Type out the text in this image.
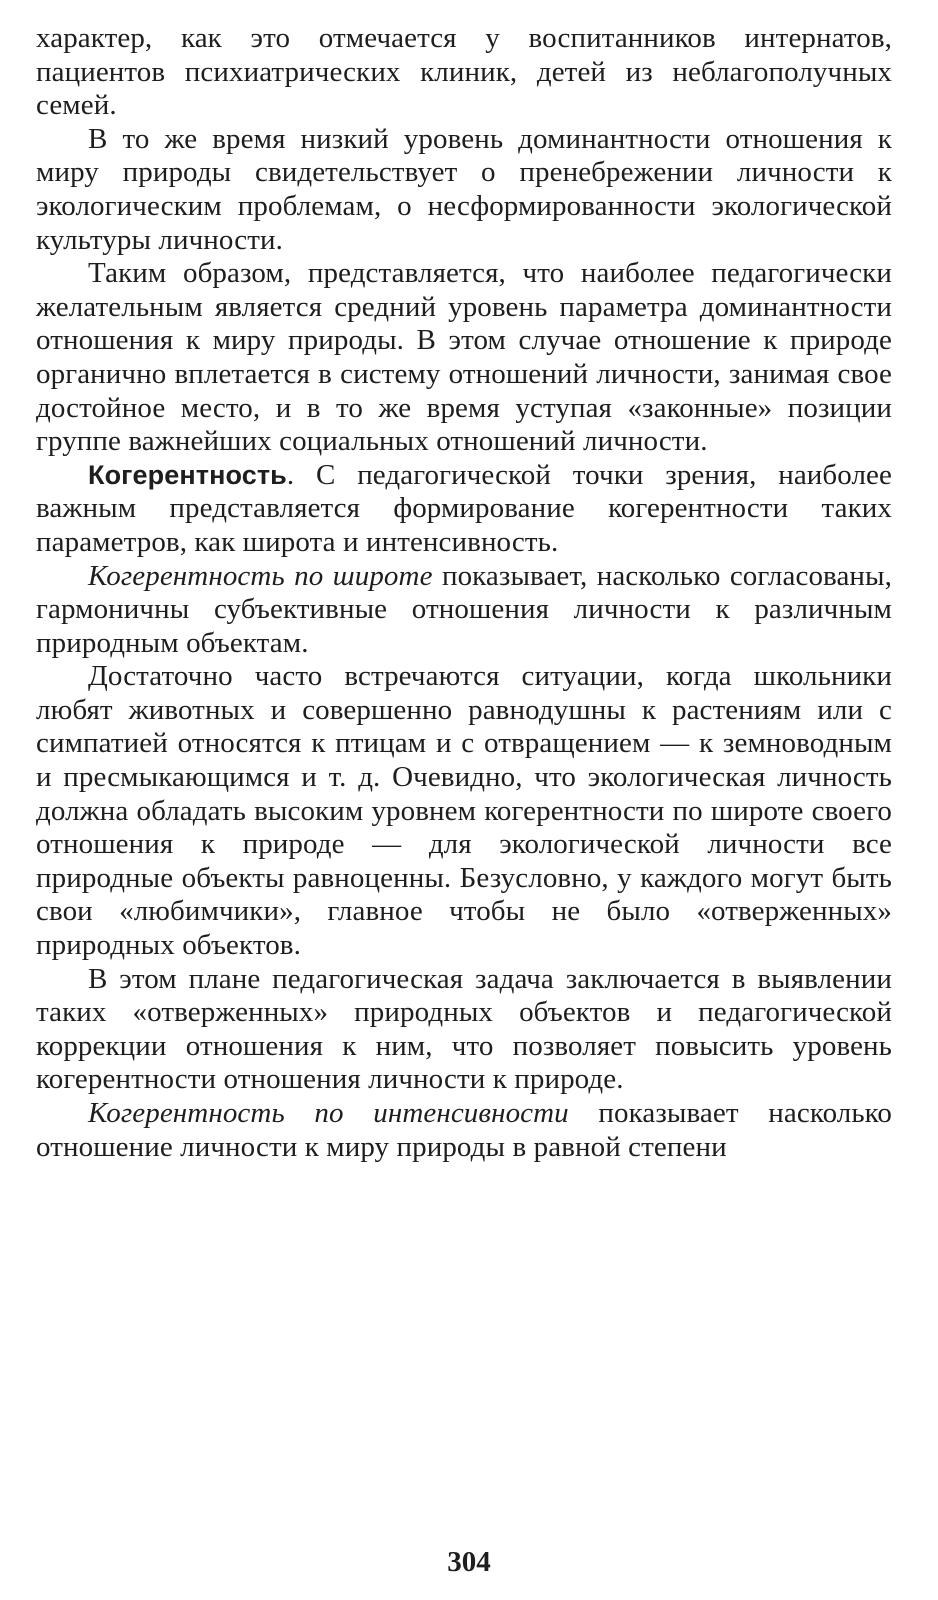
характер, как это отмечается у воспитанников интернатов, пациентов психиатрических клиник, детей из неблагополучных семей.

В то же время низкий уровень доминантности отношения к миру природы свидетельствует о пренебрежении личности к экологическим проблемам, о несформированности экологической культуры личности.

Таким образом, представляется, что наиболее педагогически желательным является средний уровень параметра доминантности отношения к миру природы. В этом случае отношение к природе органично вплетается в систему отношений личности, занимая свое достойное место, и в то же время уступая «законные» позиции группе важнейших социальных отношений личности.

Когерентность. С педагогической точки зрения, наиболее важным представляется формирование когерентности таких параметров, как широта и интенсивность.

Когерентность по широте показывает, насколько согласованы, гармоничны субъективные отношения личности к различным природным объектам.

Достаточно часто встречаются ситуации, когда школьники любят животных и совершенно равнодушны к растениям или с симпатией относятся к птицам и с отвращением — к земноводным и пресмыкающимся и т. д. Очевидно, что экологическая личность должна обладать высоким уровнем когерентности по широте своего отношения к природе — для экологической личности все природные объекты равноценны. Безусловно, у каждого могут быть свои «любимчики», главное чтобы не было «отверженных» природных объектов.

В этом плане педагогическая задача заключается в выявлении таких «отверженных» природных объектов и педагогической коррекции отношения к ним, что позволяет повысить уровень когерентности отношения личности к природе.

Когерентность по интенсивности показывает насколько отношение личности к миру природы в равной степени

304
